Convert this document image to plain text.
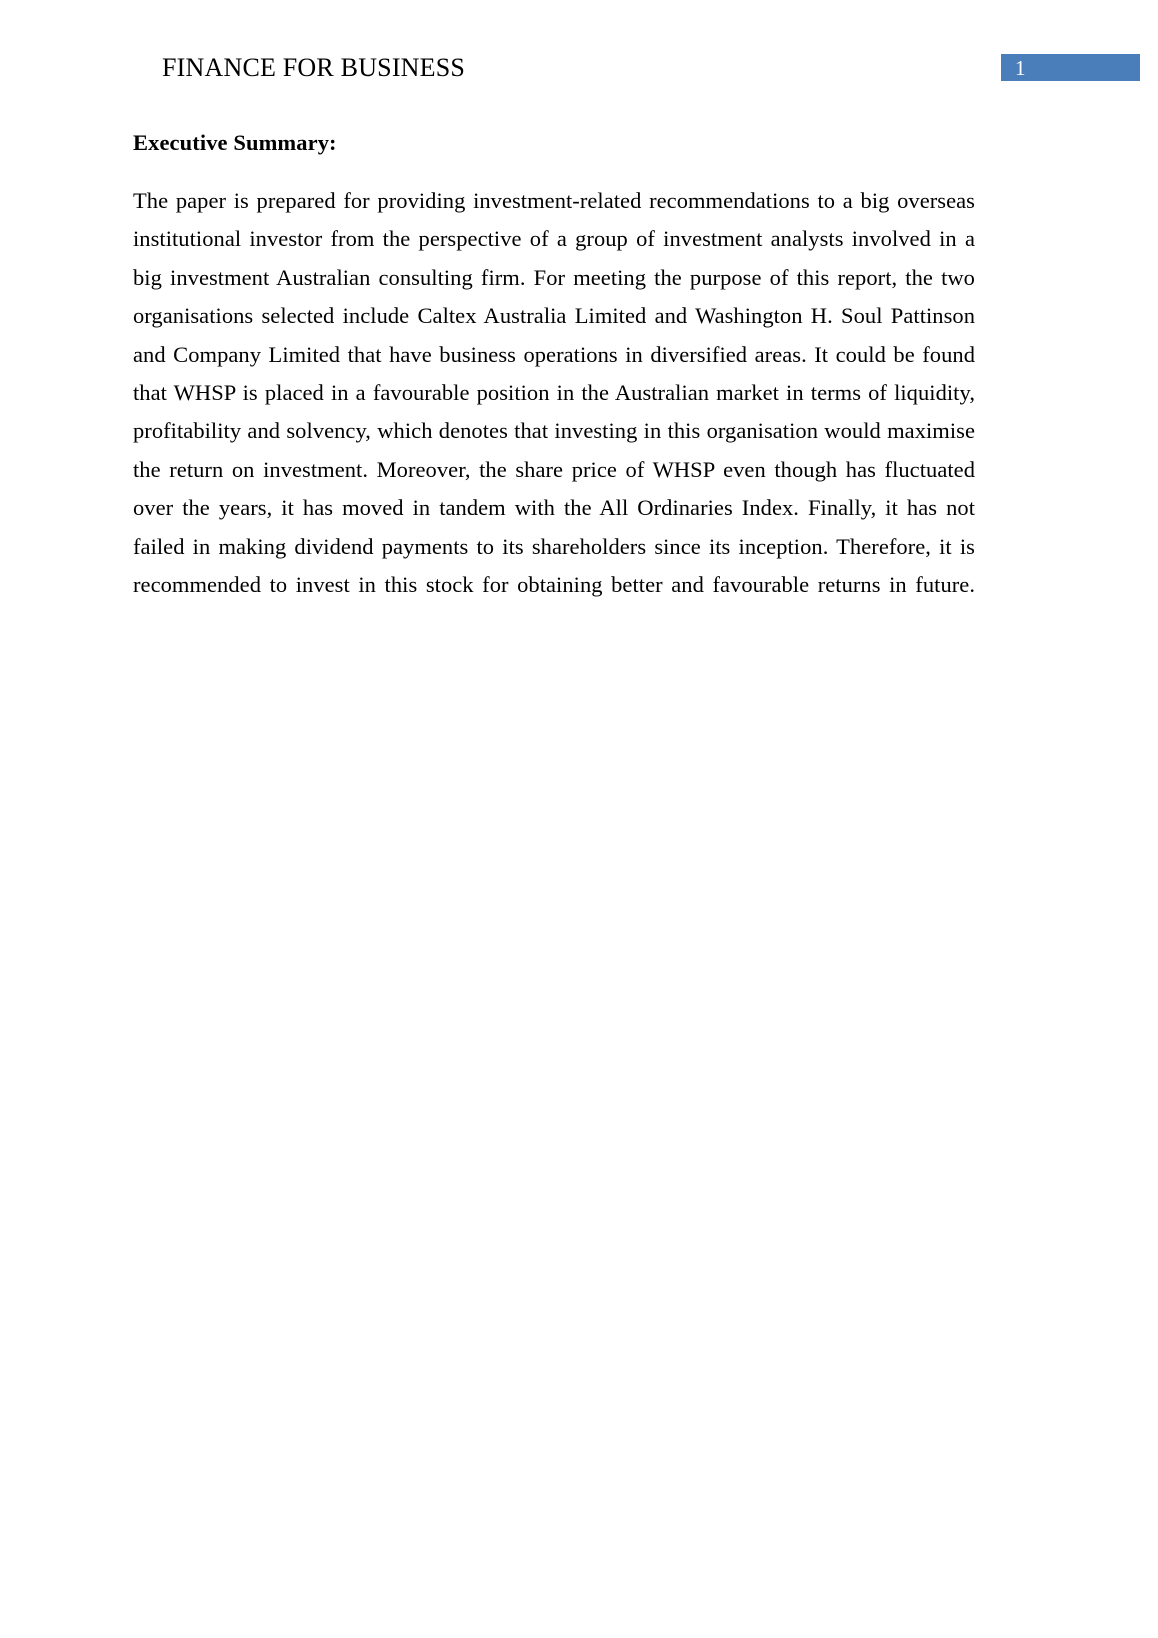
FINANCE FOR BUSINESS	1
Executive Summary:

The paper is prepared for providing investment-related recommendations to a big overseas institutional investor from the perspective of a group of investment analysts involved in a big investment Australian consulting firm. For meeting the purpose of this report, the two organisations selected include Caltex Australia Limited and Washington H. Soul Pattinson and Company Limited that have business operations in diversified areas. It could be found that WHSP is placed in a favourable position in the Australian market in terms of liquidity, profitability and solvency, which denotes that investing in this organisation would maximise the return on investment. Moreover, the share price of WHSP even though has fluctuated over the years, it has moved in tandem with the All Ordinaries Index. Finally, it has not failed in making dividend payments to its shareholders since its inception. Therefore, it is recommended to invest in this stock for obtaining better and favourable returns in future.
